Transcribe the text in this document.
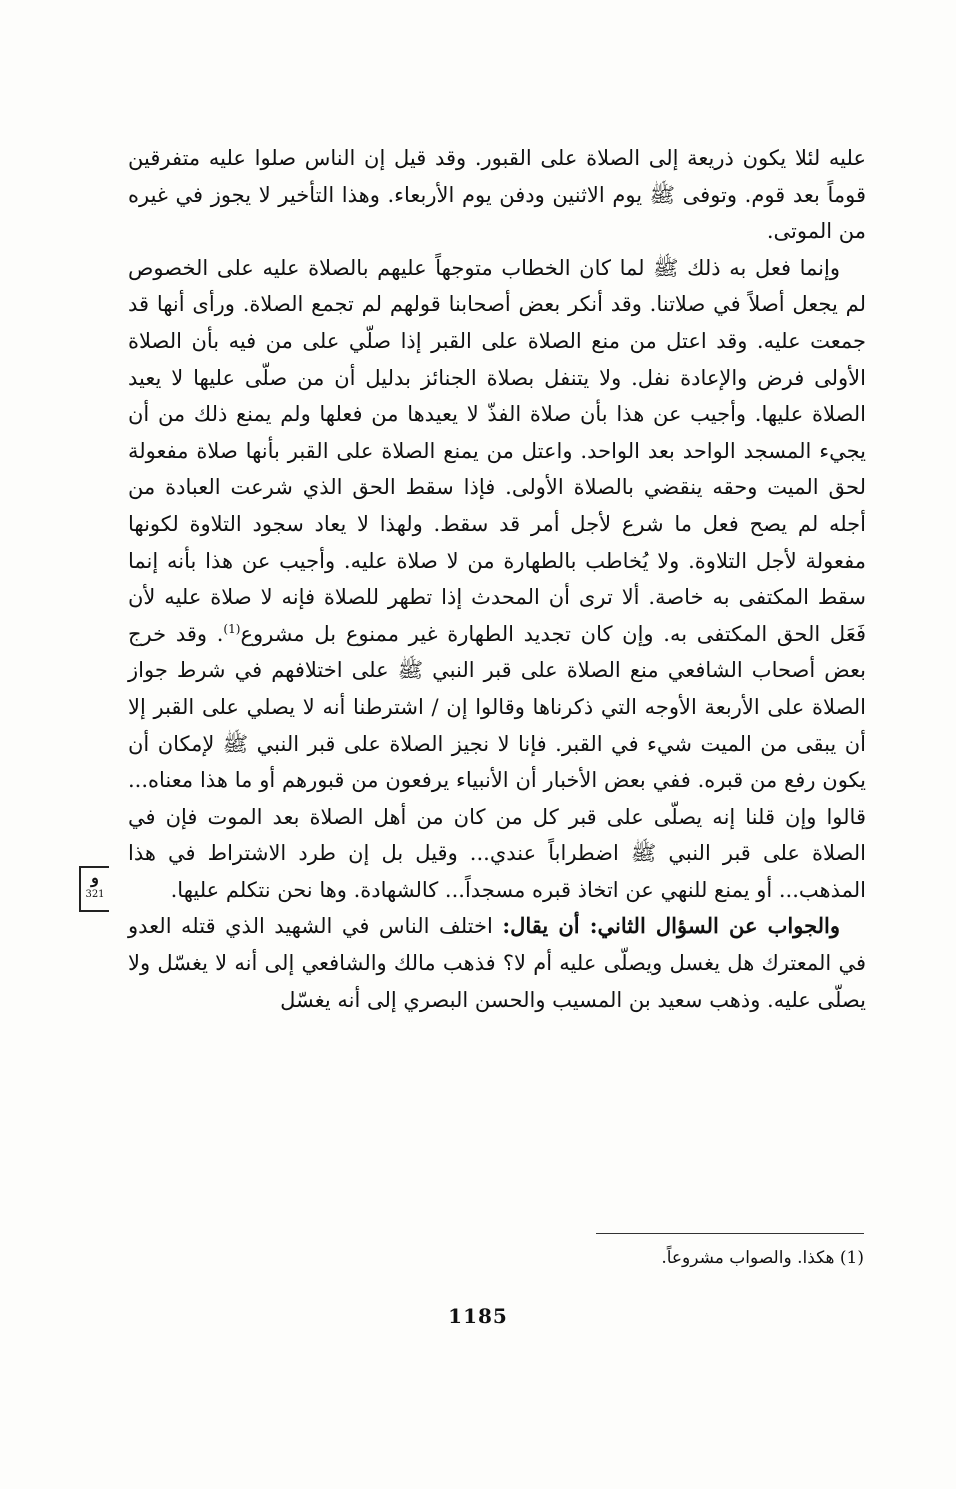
عليه لئلا يكون ذريعة إلى الصلاة على القبور. وقد قيل إن الناس صلوا عليه متفرقين قوماً بعد قوم. وتوفى ﷺ يوم الاثنين ودفن يوم الأربعاء. وهذا التأخير لا يجوز في غيره من الموتى.

وإنما فعل به ذلك ﷺ لما كان الخطاب متوجهاً عليهم بالصلاة عليه على الخصوص لم يجعل أصلاً في صلاتنا. وقد أنكر بعض أصحابنا قولهم لم تجمع الصلاة. ورأى أنها قد جمعت عليه. وقد اعتل من منع الصلاة على القبر إذا صلّي على من فيه بأن الصلاة الأولى فرض والإعادة نفل. ولا يتنفل بصلاة الجنائز بدليل أن من صلّى عليها لا يعيد الصلاة عليها. وأجيب عن هذا بأن صلاة الفذّ لا يعيدها من فعلها ولم يمنع ذلك من أن يجيء المسجد الواحد بعد الواحد. واعتل من يمنع الصلاة على القبر بأنها صلاة مفعولة لحق الميت وحقه ينقضي بالصلاة الأولى. فإذا سقط الحق الذي شرعت العبادة من أجله لم يصح فعل ما شرع لأجل أمر قد سقط. ولهذا لا يعاد سجود التلاوة لكونها مفعولة لأجل التلاوة. ولا يُخاطب بالطهارة من لا صلاة عليه. وأجيب عن هذا بأنه إنما سقط المكتفى به خاصة. ألا ترى أن المحدث إذا تطهر للصلاة فإنه لا صلاة عليه لأن فَعَل الحق المكتفى به. وإن كان تجديد الطهارة غير ممنوع بل مشروع$^{(1)}$. وقد خرج بعض أصحاب الشافعي منع الصلاة على قبر النبي ﷺ على اختلافهم في شرط جواز الصلاة على الأربعة الأوجه التي ذكرناها وقالوا إن / اشترطنا أنه لا يصلي على القبر إلا أن يبقى من الميت شيء في القبر. فإنا لا نجيز الصلاة على قبر النبي ﷺ لإمكان أن يكون رفع من قبره. ففي بعض الأخبار أن الأنبياء يرفعون من قبورهم أو ما هذا معناه... قالوا وإن قلنا إنه يصلّى على قبر كل من كان من أهل الصلاة بعد الموت فإن في الصلاة على قبر النبي ﷺ اضطراباً عندي... وقيل بل إن طرد الاشتراط في هذا المذهب... أو يمنع للنهي عن اتخاذ قبره مسجداً... كالشهادة. وها نحن نتكلم عليها.

والجواب عن السؤال الثاني: أن يقال: اختلف الناس في الشهيد الذي قتله العدو في المعترك هل يغسل ويصلّى عليه أم لا؟ فذهب مالك والشافعي إلى أنه لا يغسّل ولا يصلّى عليه. وذهب سعيد بن المسيب والحسن البصري إلى أنه يغسّل

و
321
(1) هكذا. والصواب مشروعاً.
1185
